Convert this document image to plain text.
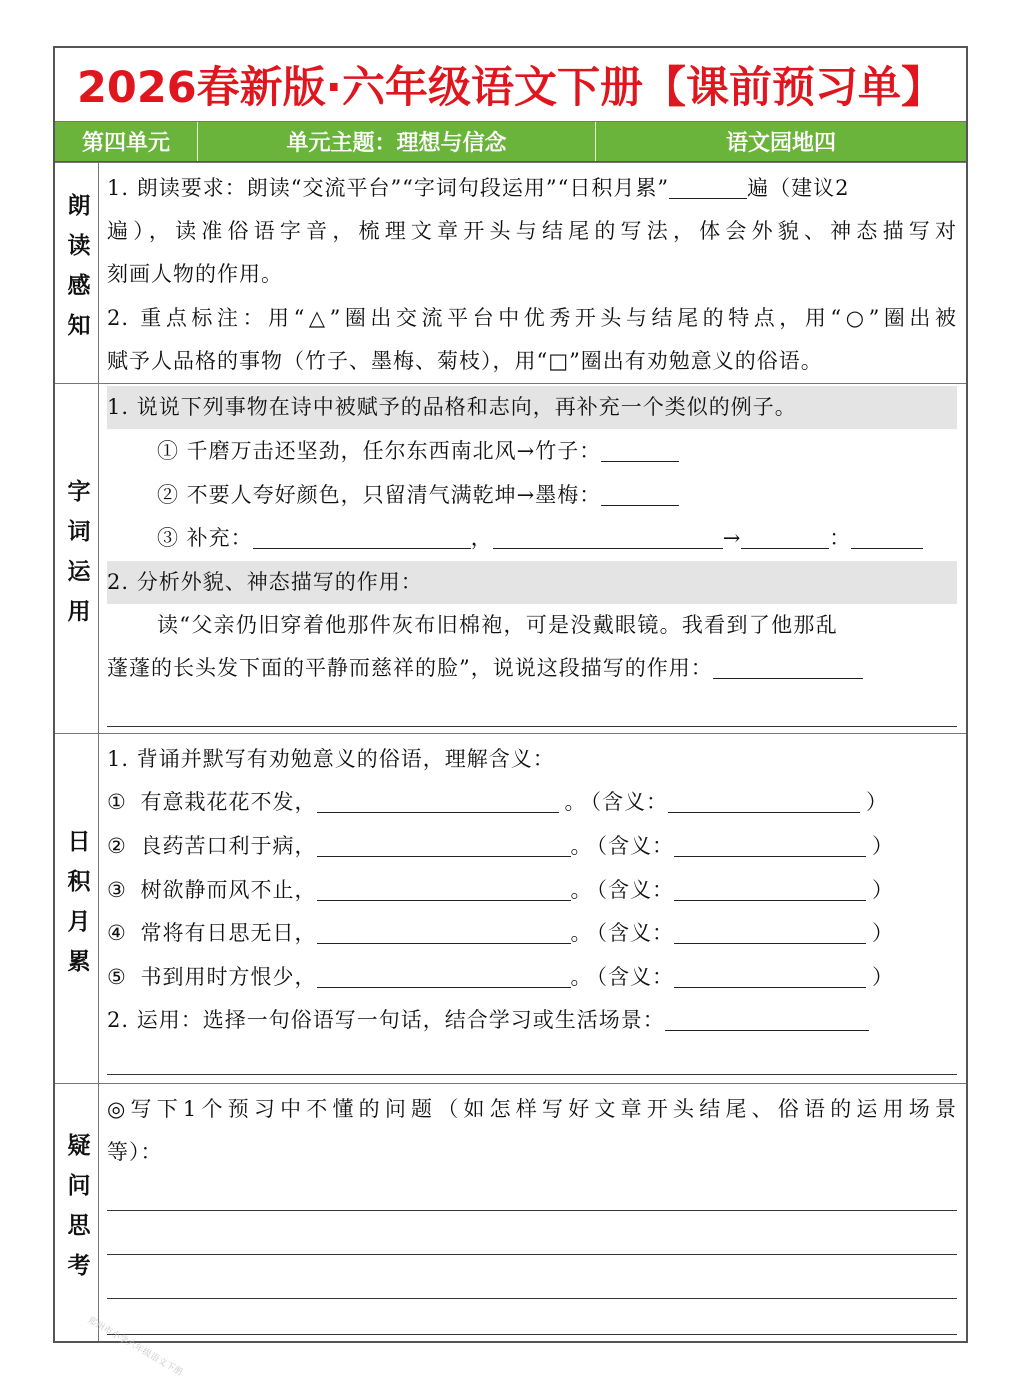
2026春新版·六年级语文下册【课前预习单】
第四单元	单元主题：理想与信念	语文园地四
朗读感知
1. 朗读要求：朗读“交流平台”“字词句段运用”“日积月累”	遍（建议2
遍），读准俗语字音，梳理文章开头与结尾的写法，体会外貌、神态描写对
刻画人物的作用。
2. 重点标注：用“△”圈出交流平台中优秀开头与结尾的特点，用“○”圈出被
赋予人品格的事物（竹子、墨梅、菊枝），用“□”圈出有劝勉意义的俗语。
字词运用
1. 说说下列事物在诗中被赋予的品格和志向，再补充一个类似的例子。
① 千磨万击还坚劲，任尔东西南北风→竹子：
② 不要人夸好颜色，只留清气满乾坤→墨梅：
③ 补充：	，	→	：
2. 分析外貌、神态描写的作用：
读“父亲仍旧穿着他那件灰布旧棉袍，可是没戴眼镜。我看到了他那乱
蓬蓬的长头发下面的平静而慈祥的脸”，说说这段描写的作用：
日积月累
1. 背诵并默写有劝勉意义的俗语，理解含义：
① 有意栽花花不发，	。 （含义：	）
② 良药苦口利于病，	。 （含义：	）
③ 树欲静而风不止，	。 （含义：	）
④ 常将有日思无日，	。 （含义：	）
⑤ 书到用时方恨少，	。 （含义：	）
2. 运用：选择一句俗语写一句话，结合学习或生活场景：
疑问思考
◎写下1个预习中不懂的问题（如怎样写好文章开头结尾、俗语的运用场景
等）：
郑州市小学六年级语文下册
